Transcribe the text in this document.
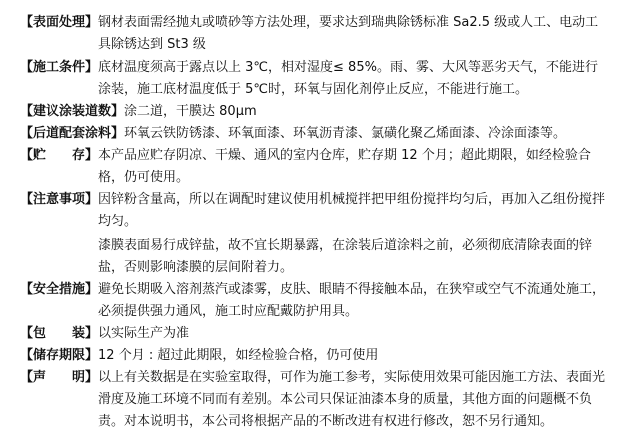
【表面处理】 钢材表面需经抛丸或喷砂等方法处理，要求达到瑞典除锈标准 Sa2.5 级或人工、电动工具除锈达到 St3 级

【施工条件】 底材温度须高于露点以上 3℃，相对湿度≤ 85%。雨、雾、大风等恶劣天气，不能进行涂装，施工底材温度低于 5℃时，环氧与固化剂停止反应，不能进行施工。

【建议涂装道数】 涂二道，干膜达 80μm

【后道配套涂料】 环氧云铁防锈漆、环氧面漆、环氧沥青漆、氯磺化聚乙烯面漆、冷涂面漆等。

【贮　　存】 本产品应贮存阴凉、干燥、通风的室内仓库，贮存期 12 个月；超此期限，如经检验合格，仍可使用。

【注意事项】 因锌粉含量高，所以在调配时建议使用机械搅拌把甲组份搅拌均匀后，再加入乙组份搅拌均匀。

漆膜表面易行成锌盐，故不宜长期暴露，在涂装后道涂料之前，必须彻底清除表面的锌盐，否则影响漆膜的层间附着力。

【安全措施】 避免长期吸入溶剂蒸汽或漆雾，皮肤、眼睛不得接触本品，在狭窄或空气不流通处施工，必须提供强力通风，施工时应配戴防护用具。

【包　　装】 以实际生产为准

【储存期限】 12 个月 : 超过此期限，如经检验合格，仍可使用

【声　　明】 以上有关数据是在实验室取得，可作为施工参考，实际使用效果可能因施工方法、表面光滑度及施工环境不同而有差别。本公司只保证油漆本身的质量，其他方面的问题概不负责。对本说明书，本公司将根据产品的不断改进有权进行修改，恕不另行通知。
